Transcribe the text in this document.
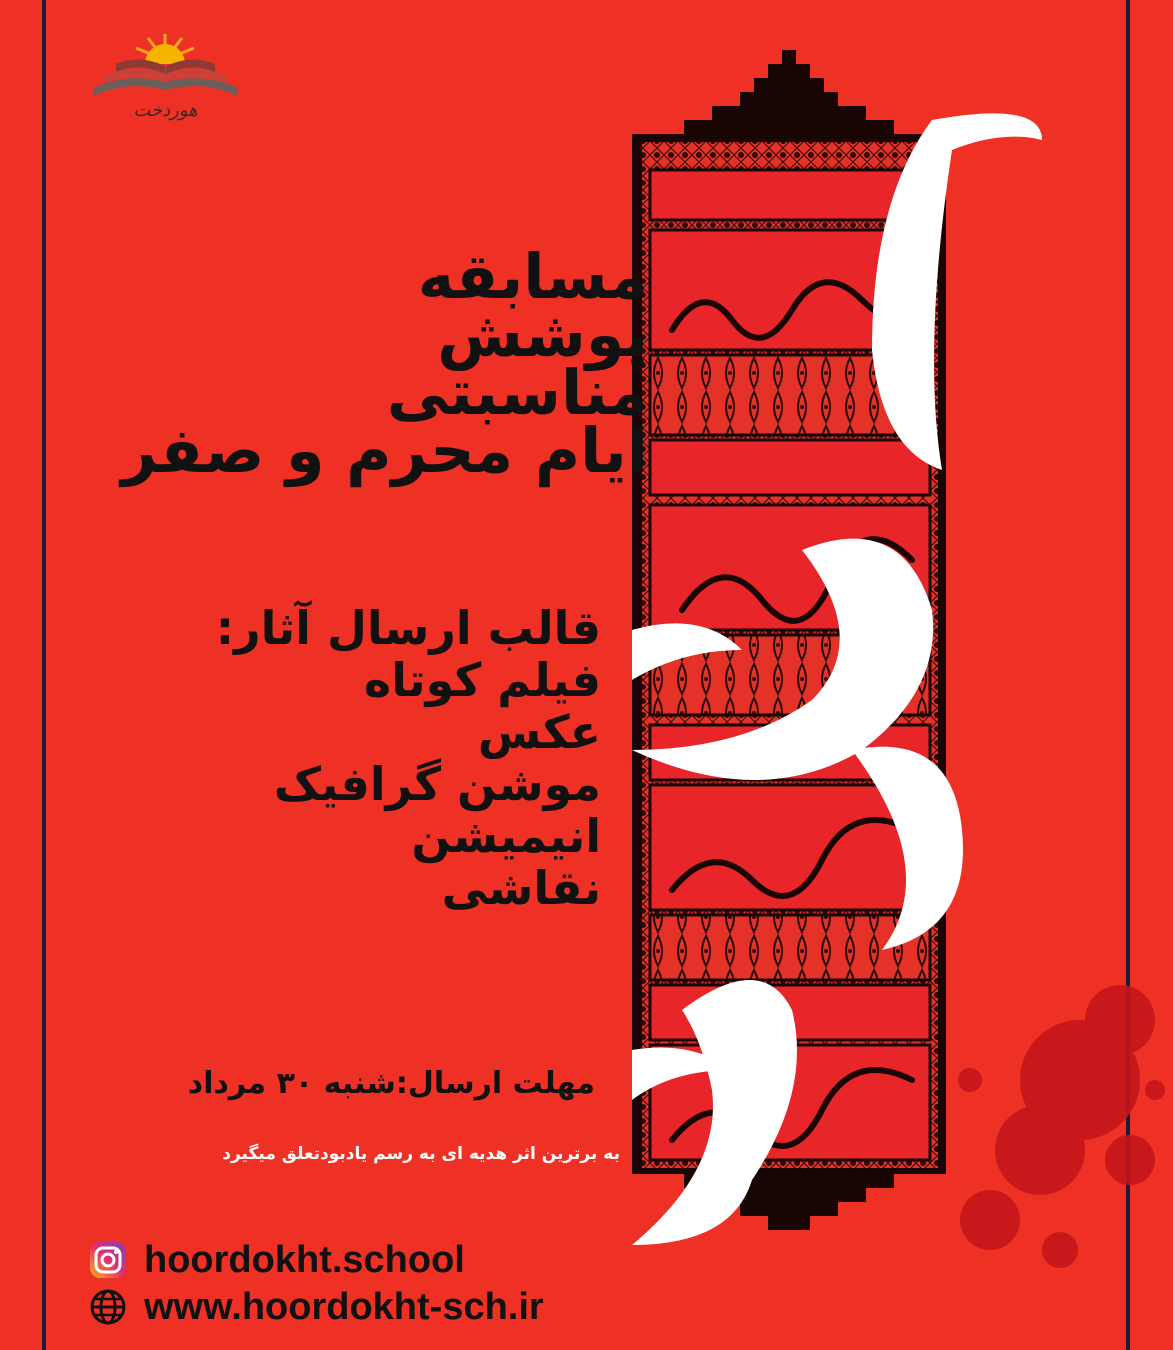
هوردخت
مسابقه
پوشش
مناسبتی
ایام محرم و صفر
قالب ارسال آثار:
فیلم کوتاه
عکس
موشن گرافیک
انیمیشن
نقاشی
مهلت ارسال:شنبه ۳۰ مرداد
به برترین اثر هدیه ای به رسم یادبودتعلق میگیرد
hoordokht.school
www.hoordokht-sch.ir
